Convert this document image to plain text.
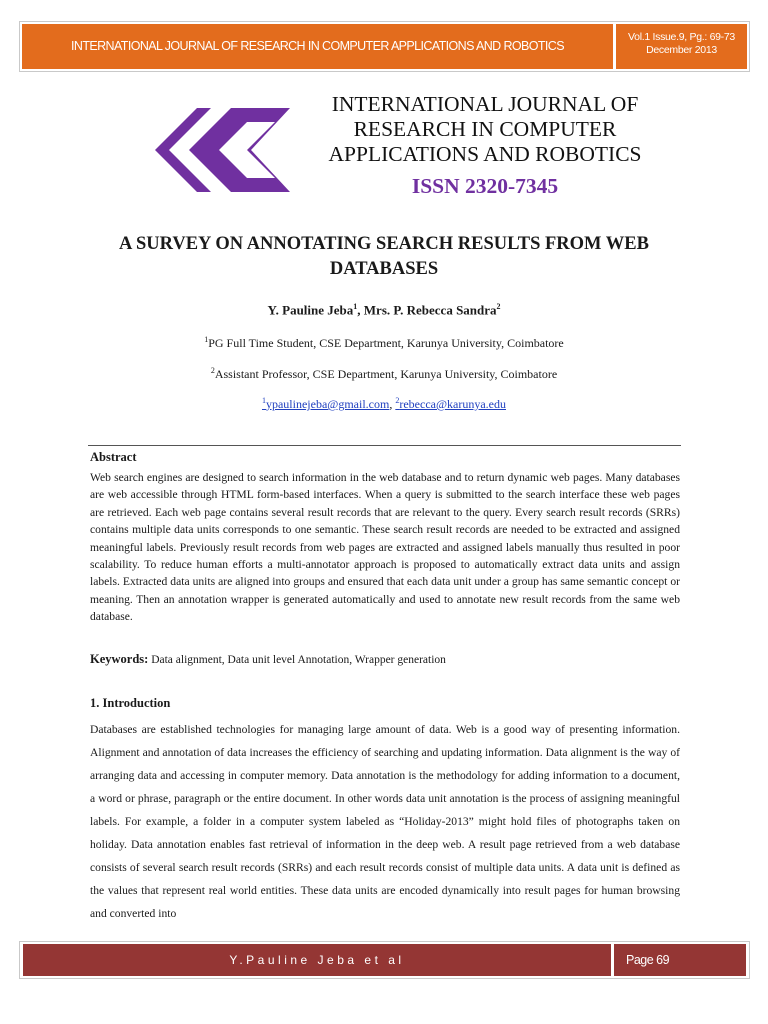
INTERNATIONAL JOURNAL OF RESEARCH IN COMPUTER APPLICATIONS AND ROBOTICS
Vol.1 Issue.9, Pg.: 69-73
December 2013
INTERNATIONAL JOURNAL OF
RESEARCH IN COMPUTER
APPLICATIONS AND ROBOTICS
ISSN 2320-7345
A SURVEY ON ANNOTATING SEARCH RESULTS FROM WEB
DATABASES
Y. Pauline Jeba$^1$, Mrs. P. Rebecca Sandra$^2$
$^1$PG Full Time Student, CSE Department, Karunya University, Coimbatore
$^2$Assistant Professor, CSE Department, Karunya University, Coimbatore
$^1$ypaulinejeba@gmail.com, $^2$rebecca@karunya.edu
Abstract
Web search engines are designed to search information in the web database and to return dynamic web pages. Many databases are web accessible through HTML form-based interfaces. When a query is submitted to the search interface these web pages are retrieved. Each web page contains several result records that are relevant to the query. Every search result records (SRRs) contains multiple data units corresponds to one semantic. These search result records are needed to be extracted and assigned meaningful labels. Previously result records from web pages are extracted and assigned labels manually thus resulted in poor scalability. To reduce human efforts a multi-annotator approach is proposed to automatically extract data units and assign labels. Extracted data units are aligned into groups and ensured that each data unit under a group has same semantic concept or meaning. Then an annotation wrapper is generated automatically and used to annotate new result records from the same web database.
Keywords: Data alignment, Data unit level Annotation, Wrapper generation
1. Introduction
Databases are established technologies for managing large amount of data. Web is a good way of presenting information. Alignment and annotation of data increases the efficiency of searching and updating information. Data alignment is the way of arranging data and accessing in computer memory. Data annotation is the methodology for adding information to a document, a word or phrase, paragraph or the entire document. In other words data unit annotation is the process of assigning meaningful labels. For example, a folder in a computer system labeled as “Holiday-2013” might hold files of photographs taken on holiday. Data annotation enables fast retrieval of information in the deep web. A result page retrieved from a web database consists of several search result records (SRRs) and each result records consist of multiple data units. A data unit is defined as the values that represent real world entities. These data units are encoded dynamically into result pages for human browsing and converted into
Y.Pauline Jeba et al	Page 69
